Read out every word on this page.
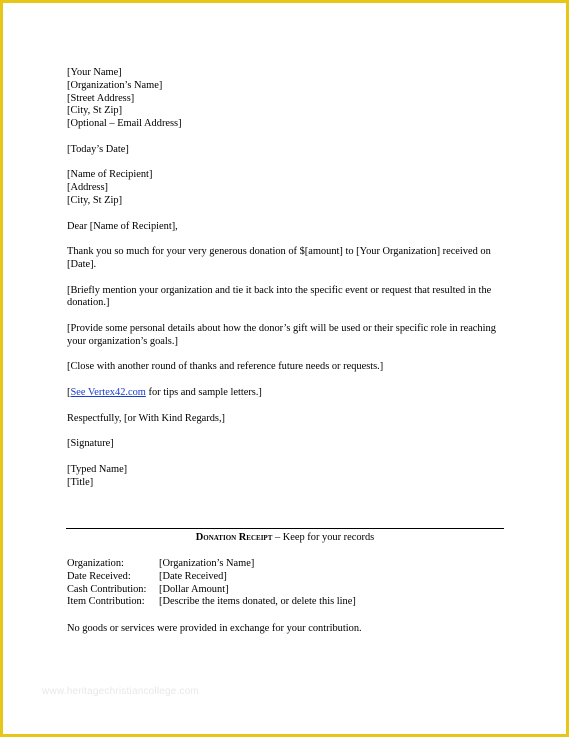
[Your Name]
[Organization’s Name]
[Street Address]
[City, St Zip]
[Optional – Email Address]
[Today’s Date]
[Name of Recipient]
[Address]
[City, St Zip]
Dear [Name of Recipient],
Thank you so much for your very generous donation of $[amount] to [Your Organization] received on [Date].
[Briefly mention your organization and tie it back into the specific event or request that resulted in the donation.]
[Provide some personal details about how the donor’s gift will be used or their specific role in reaching your organization’s goals.]
[Close with another round of thanks and reference future needs or requests.]
[See Vertex42.com for tips and sample letters.]
Respectfully, [or With Kind Regards,]
[Signature]
[Typed Name]
[Title]
Donation Receipt – Keep for your records
Organization:	[Organization’s Name]
Date Received:	[Date Received]
Cash Contribution:	[Dollar Amount]
Item Contribution:	[Describe the items donated, or delete this line]
No goods or services were provided in exchange for your contribution.
www.heritagechristiancollege.com
